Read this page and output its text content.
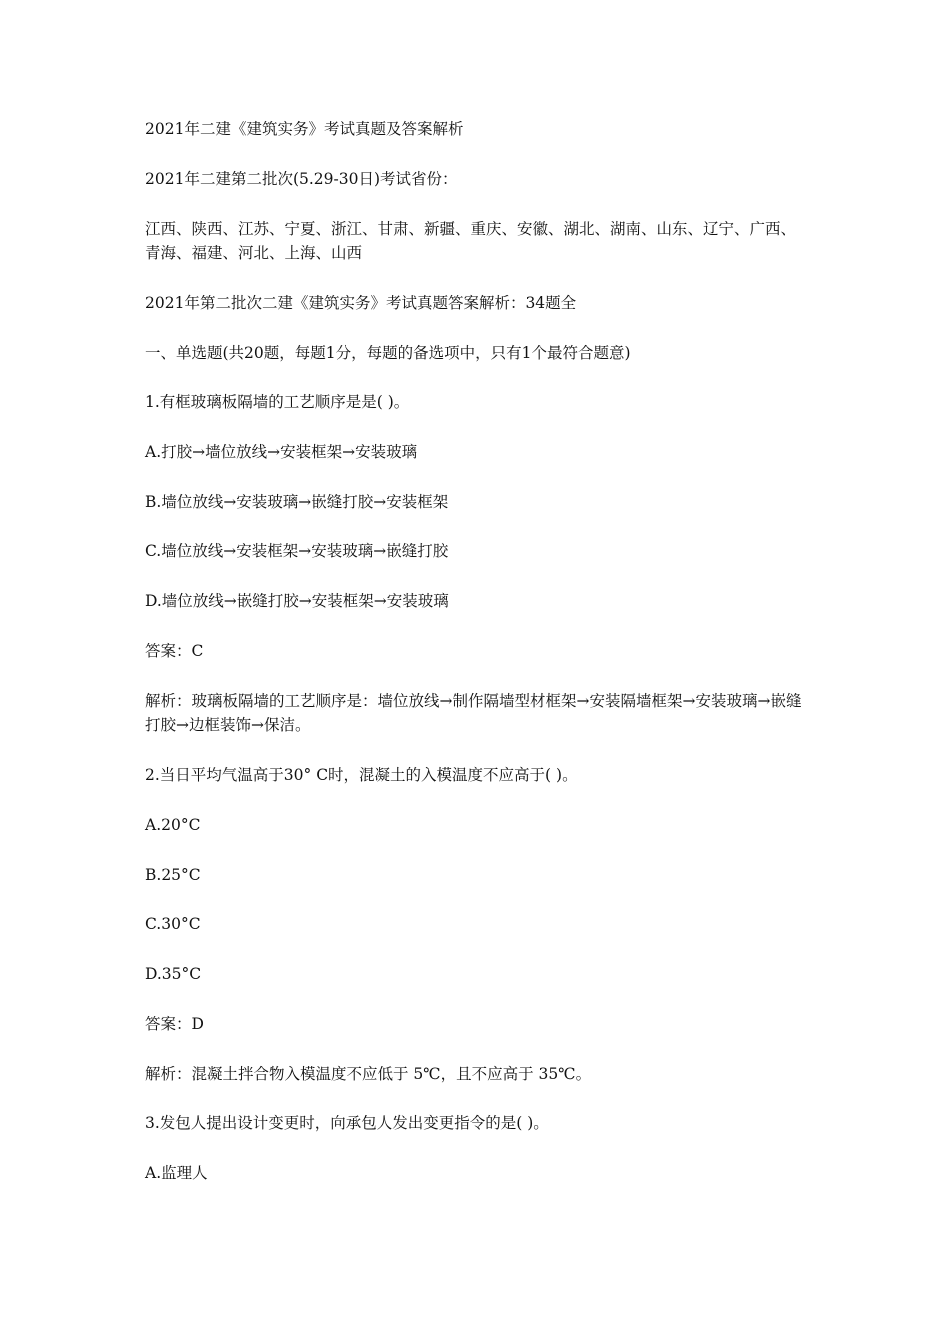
2021年二建《建筑实务》考试真题及答案解析

2021年二建第二批次(5.29-30日)考试省份：

江西、陕西、江苏、宁夏、浙江、甘肃、新疆、重庆、安徽、湖北、湖南、山东、辽宁、广西、青海、福建、河北、上海、山西

2021年第二批次二建《建筑实务》考试真题答案解析：34题全

一、单选题(共20题，每题1分，每题的备选项中，只有1个最符合题意)

1.有框玻璃板隔墙的工艺顺序是是( )。

A.打胶→墙位放线→安装框架→安装玻璃

B.墙位放线→安装玻璃→嵌缝打胶→安装框架

C.墙位放线→安装框架→安装玻璃→嵌缝打胶

D.墙位放线→嵌缝打胶→安装框架→安装玻璃

答案：C

解析：玻璃板隔墙的工艺顺序是：墙位放线→制作隔墙型材框架→安装隔墙框架→安装玻璃→嵌缝打胶→边框装饰→保洁。

2.当日平均气温高于30° C时，混凝土的入模温度不应高于( )。

A.20°C

B.25°C

C.30°C

D.35°C

答案：D

解析：混凝土拌合物入模温度不应低于 5℃，且不应高于 35℃。

3.发包人提出设计变更时，向承包人发出变更指令的是( )。

A.监理人
